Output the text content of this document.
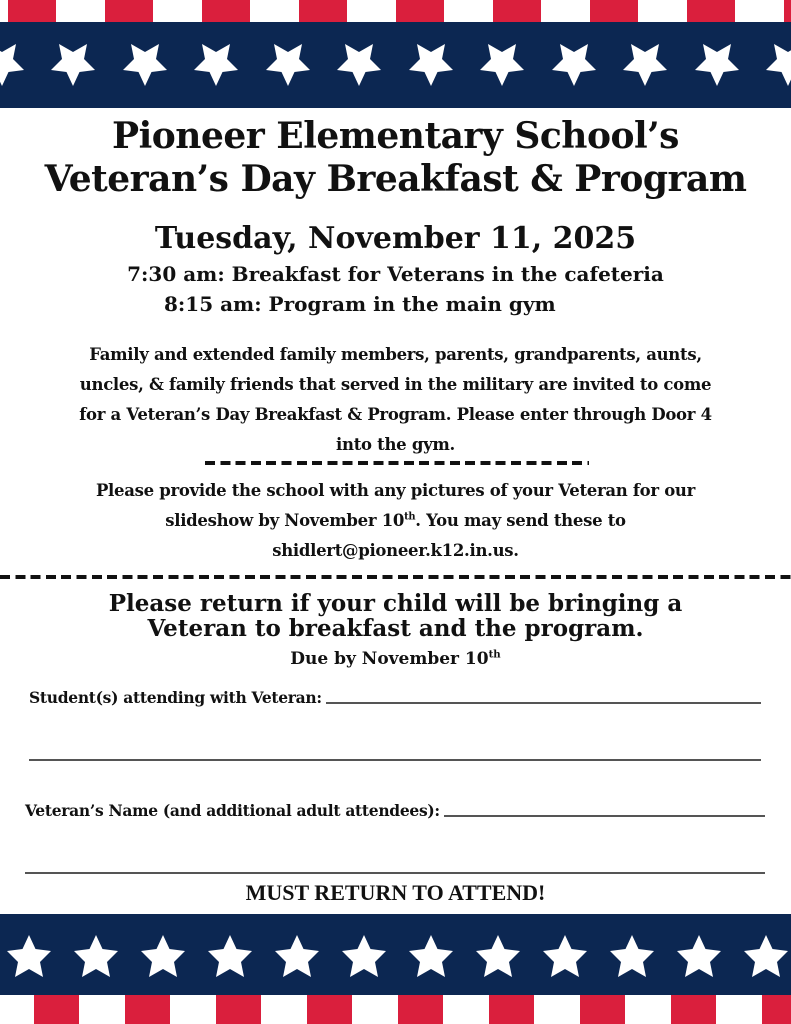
Pioneer Elementary School’s
Veteran’s Day Breakfast & Program
Tuesday, November 11, 2025
7:30 am: Breakfast for Veterans in the cafeteria
8:15 am: Program in the main gym
Family and extended family members, parents, grandparents, aunts,
uncles, & family friends that served in the military are invited to come
for a Veteran’s Day Breakfast & Program. Please enter through Door 4
into the gym.
Please provide the school with any pictures of your Veteran for our
slideshow by November 10th. You may send these to
shidlert@pioneer.k12.in.us.
Please return if your child will be bringing a
Veteran to breakfast and the program.
Due by November 10th
Student(s) attending with Veteran:
Veteran’s Name (and additional adult attendees):
MUST RETURN TO ATTEND!
